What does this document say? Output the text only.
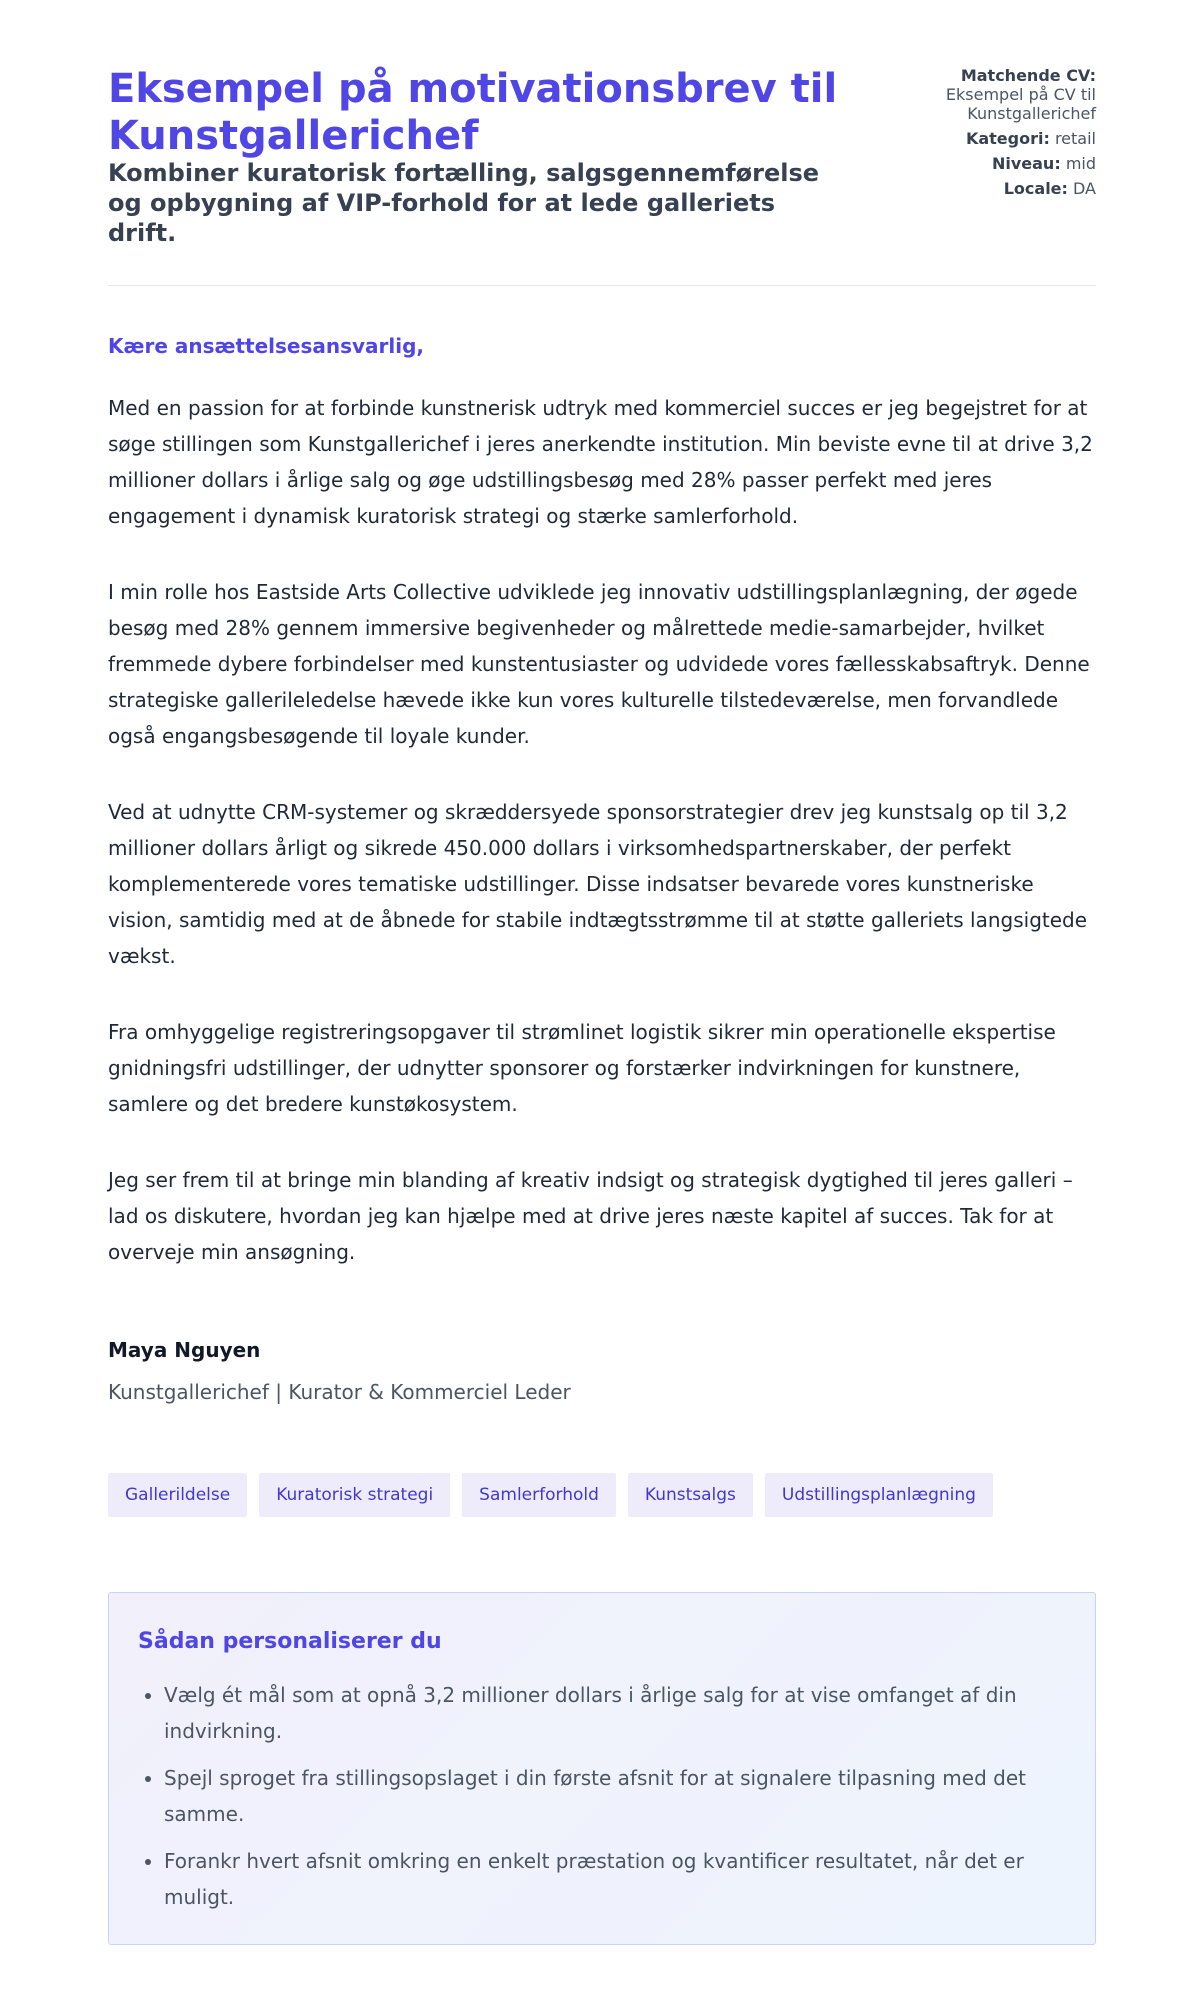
Eksempel på motivationsbrev til Kunstgallerichef
Kombiner kuratorisk fortælling, salgsgennemførelse og opbygning af VIP-forhold for at lede galleriets drift.
Matchende CV:
Eksempel på CV til Kunstgallerichef
Kategori: retail
Niveau: mid
Locale: DA

Kære ansættelsesansvarlig,

Med en passion for at forbinde kunstnerisk udtryk med kommerciel succes er jeg begejstret for at søge stillingen som Kunstgallerichef i jeres anerkendte institution. Min beviste evne til at drive 3,2 millioner dollars i årlige salg og øge udstillingsbesøg med 28% passer perfekt med jeres engagement i dynamisk kuratorisk strategi og stærke samlerforhold.

I min rolle hos Eastside Arts Collective udviklede jeg innovativ udstillingsplanlægning, der øgede besøg med 28% gennem immersive begivenheder og målrettede medie-samarbejder, hvilket fremmede dybere forbindelser med kunstentusiaster og udvidede vores fællesskabsaftryk. Denne strategiske gallerileledelse hævede ikke kun vores kulturelle tilstedeværelse, men forvandlede også engangsbesøgende til loyale kunder.

Ved at udnytte CRM-systemer og skræddersyede sponsorstrategier drev jeg kunstsalg op til 3,2 millioner dollars årligt og sikrede 450.000 dollars i virksomhedspartnerskaber, der perfekt komplementerede vores tematiske udstillinger. Disse indsatser bevarede vores kunstneriske vision, samtidig med at de åbnede for stabile indtægtsstrømme til at støtte galleriets langsigtede vækst.

Fra omhyggelige registreringsopgaver til strømlinet logistik sikrer min operationelle ekspertise gnidningsfri udstillinger, der udnytter sponsorer og forstærker indvirkningen for kunstnere, samlere og det bredere kunstøkosystem.

Jeg ser frem til at bringe min blanding af kreativ indsigt og strategisk dygtighed til jeres galleri – lad os diskutere, hvordan jeg kan hjælpe med at drive jeres næste kapitel af succes. Tak for at overveje min ansøgning.

Maya Nguyen

Kunstgallerichef | Kurator & Kommerciel Leder

Gallerildelse	Kuratorisk strategi	Samlerforhold	Kunstsalgs	Udstillingsplanlægning
Sådan personaliserer du
• Vælg ét mål som at opnå 3,2 millioner dollars i årlige salg for at vise omfanget af din indvirkning.
• Spejl sproget fra stillingsopslaget i din første afsnit for at signalere tilpasning med det samme.
• Forankr hvert afsnit omkring en enkelt præstation og kvantificer resultatet, når det er muligt.
